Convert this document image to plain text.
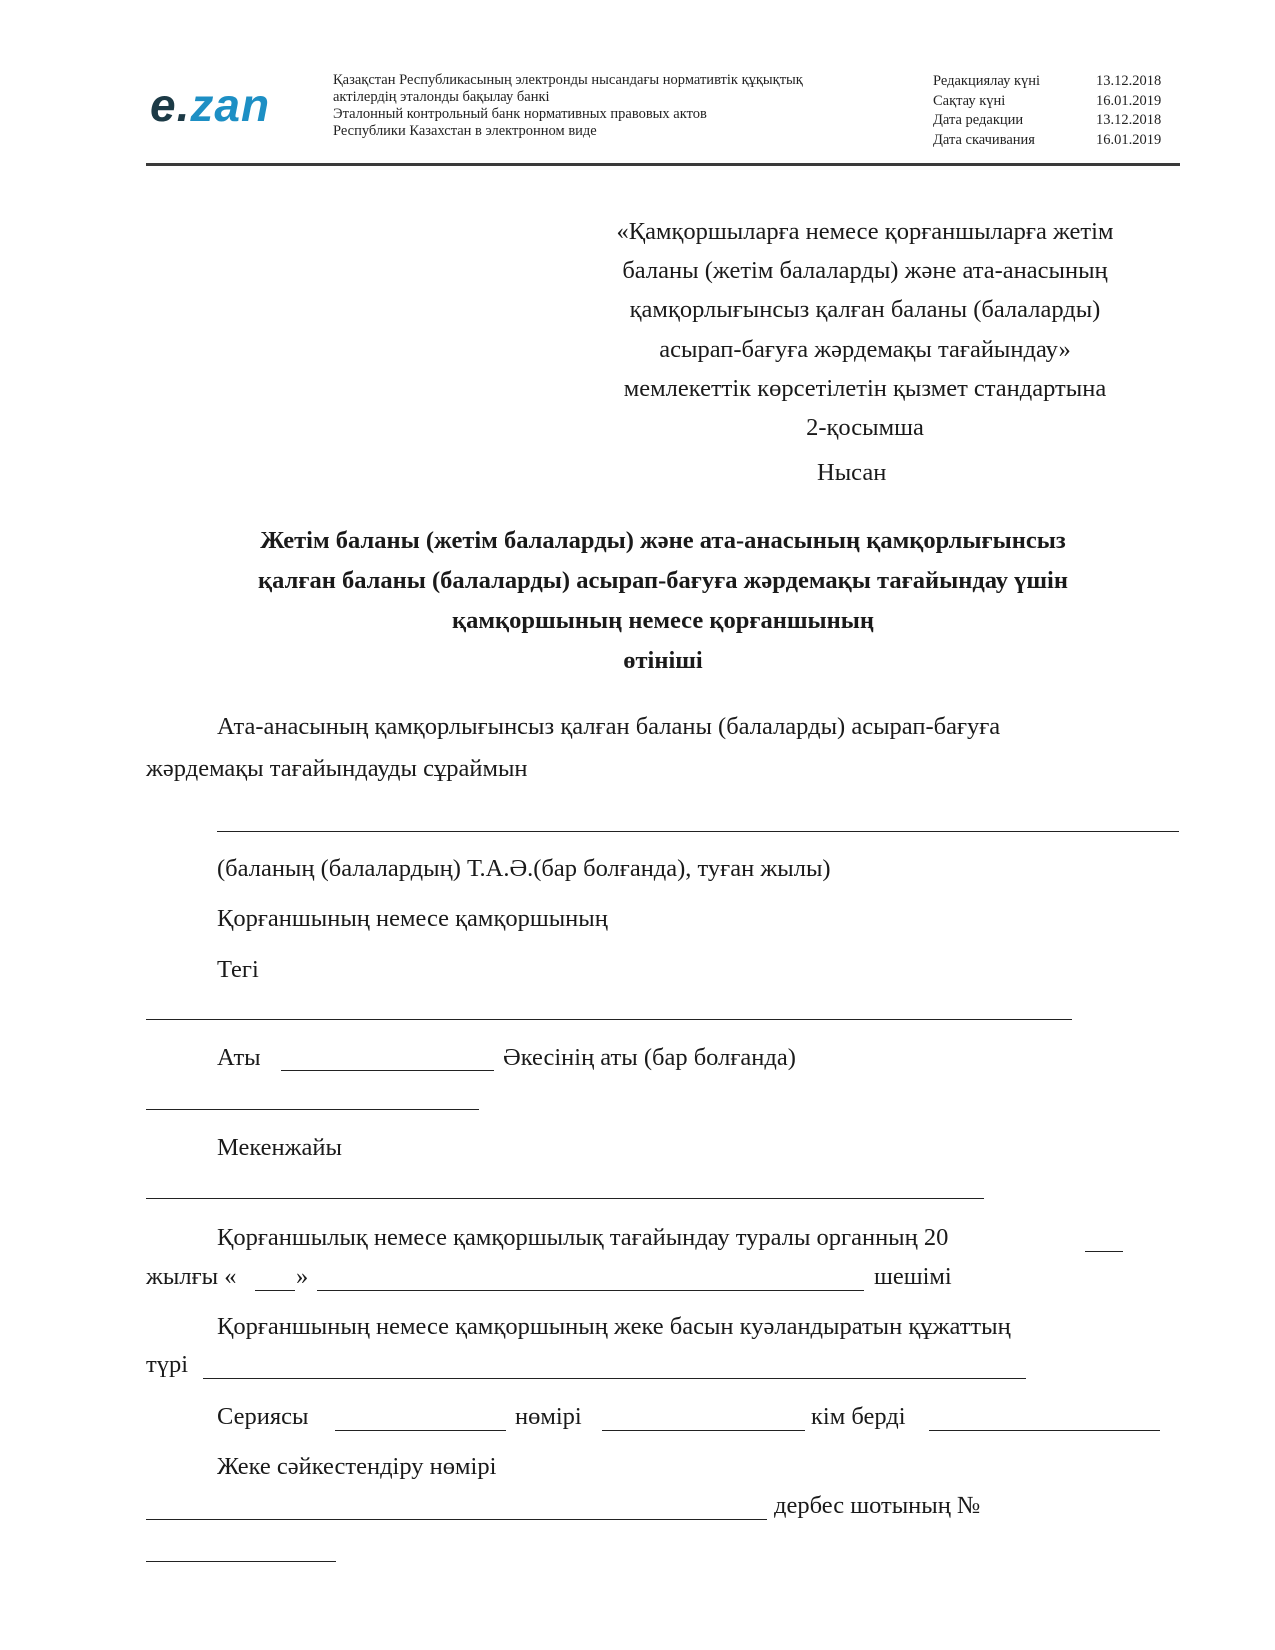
e.zan	Қазақстан Республикасының электронды нысандағы нормативтік құқықтық
актілердің эталонды бақылау банкі
Эталонный контрольный банк нормативных правовых актов
Республики Казахстан в электронном виде
Редакциялау күні	13.12.2018
Сақтау күні	16.01.2019
Дата редакции	13.12.2018
Дата скачивания	16.01.2019
«Қамқоршыларға немесе қорғаншыларға жетім
баланы (жетім балаларды) және ата-анасының
қамқорлығынсыз қалған баланы (балаларды)
асырап-бағуға жәрдемақы тағайындау»
мемлекеттік көрсетілетін қызмет стандартына
2-қосымша
Нысан
Жетім баланы (жетім балаларды) және ата-анасының қамқорлығынсыз
қалған баланы (балаларды) асырап-бағуға жәрдемақы тағайындау үшін
қамқоршының немесе қорғаншының
өтініші
Ата-анасының қамқорлығынсыз қалған баланы (балаларды) асырап-бағуға
жәрдемақы тағайындауды сұраймын
(баланың (балалардың) Т.А.Ә.(бар болғанда), туған жылы)
Қорғаншының немесе қамқоршының
Тегі
Аты	Әкесінің аты (бар болғанда)
Мекенжайы
Қорғаншылық немесе қамқоршылық тағайындау туралы органның 20
жылғы « »	шешімі
Қорғаншының немесе қамқоршының жеке басын куәландыратын құжаттың
түрі
Сериясы	нөмірі	кім берді
Жеке сәйкестендіру нөмірі
дербес шотының №
